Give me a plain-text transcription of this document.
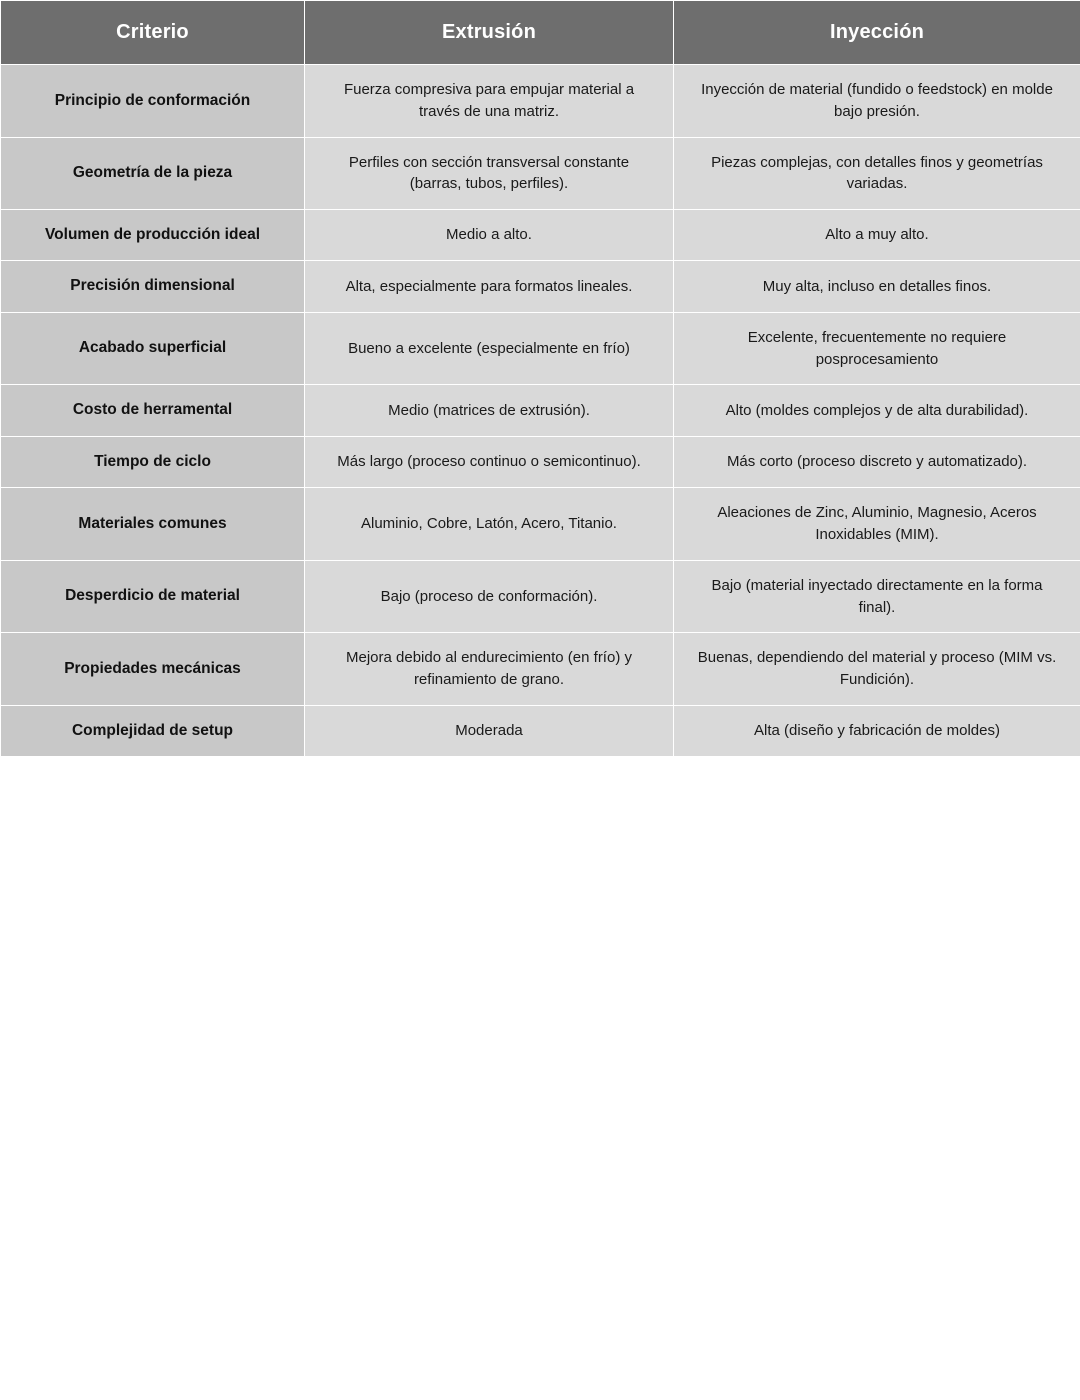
Criterio	Extrusión	Inyección
Principio de conformación	Fuerza compresiva para empujar material a través de una matriz.	Inyección de material (fundido o feedstock) en molde bajo presión.
Geometría de la pieza	Perfiles con sección transversal constante (barras, tubos, perfiles).	Piezas complejas, con detalles finos y geometrías variadas.
Volumen de producción ideal	Medio a alto.	Alto a muy alto.
Precisión dimensional	Alta, especialmente para formatos lineales.	Muy alta, incluso en detalles finos.
Acabado superficial	Bueno a excelente (especialmente en frío)	Excelente, frecuentemente no requiere posprocesamiento
Costo de herramental	Medio (matrices de extrusión).	Alto (moldes complejos y de alta durabilidad).
Tiempo de ciclo	Más largo (proceso continuo o semicontinuo).	Más corto (proceso discreto y automatizado).
Materiales comunes	Aluminio, Cobre, Latón, Acero, Titanio.	Aleaciones de Zinc, Aluminio, Magnesio, Aceros Inoxidables (MIM).
Desperdicio de material	Bajo (proceso de conformación).	Bajo (material inyectado directamente en la forma final).
Propiedades mecánicas	Mejora debido al endurecimiento (en frío) y refinamiento de grano.	Buenas, dependiendo del material y proceso (MIM vs. Fundición).
Complejidad de setup	Moderada	Alta (diseño y fabricación de moldes)
